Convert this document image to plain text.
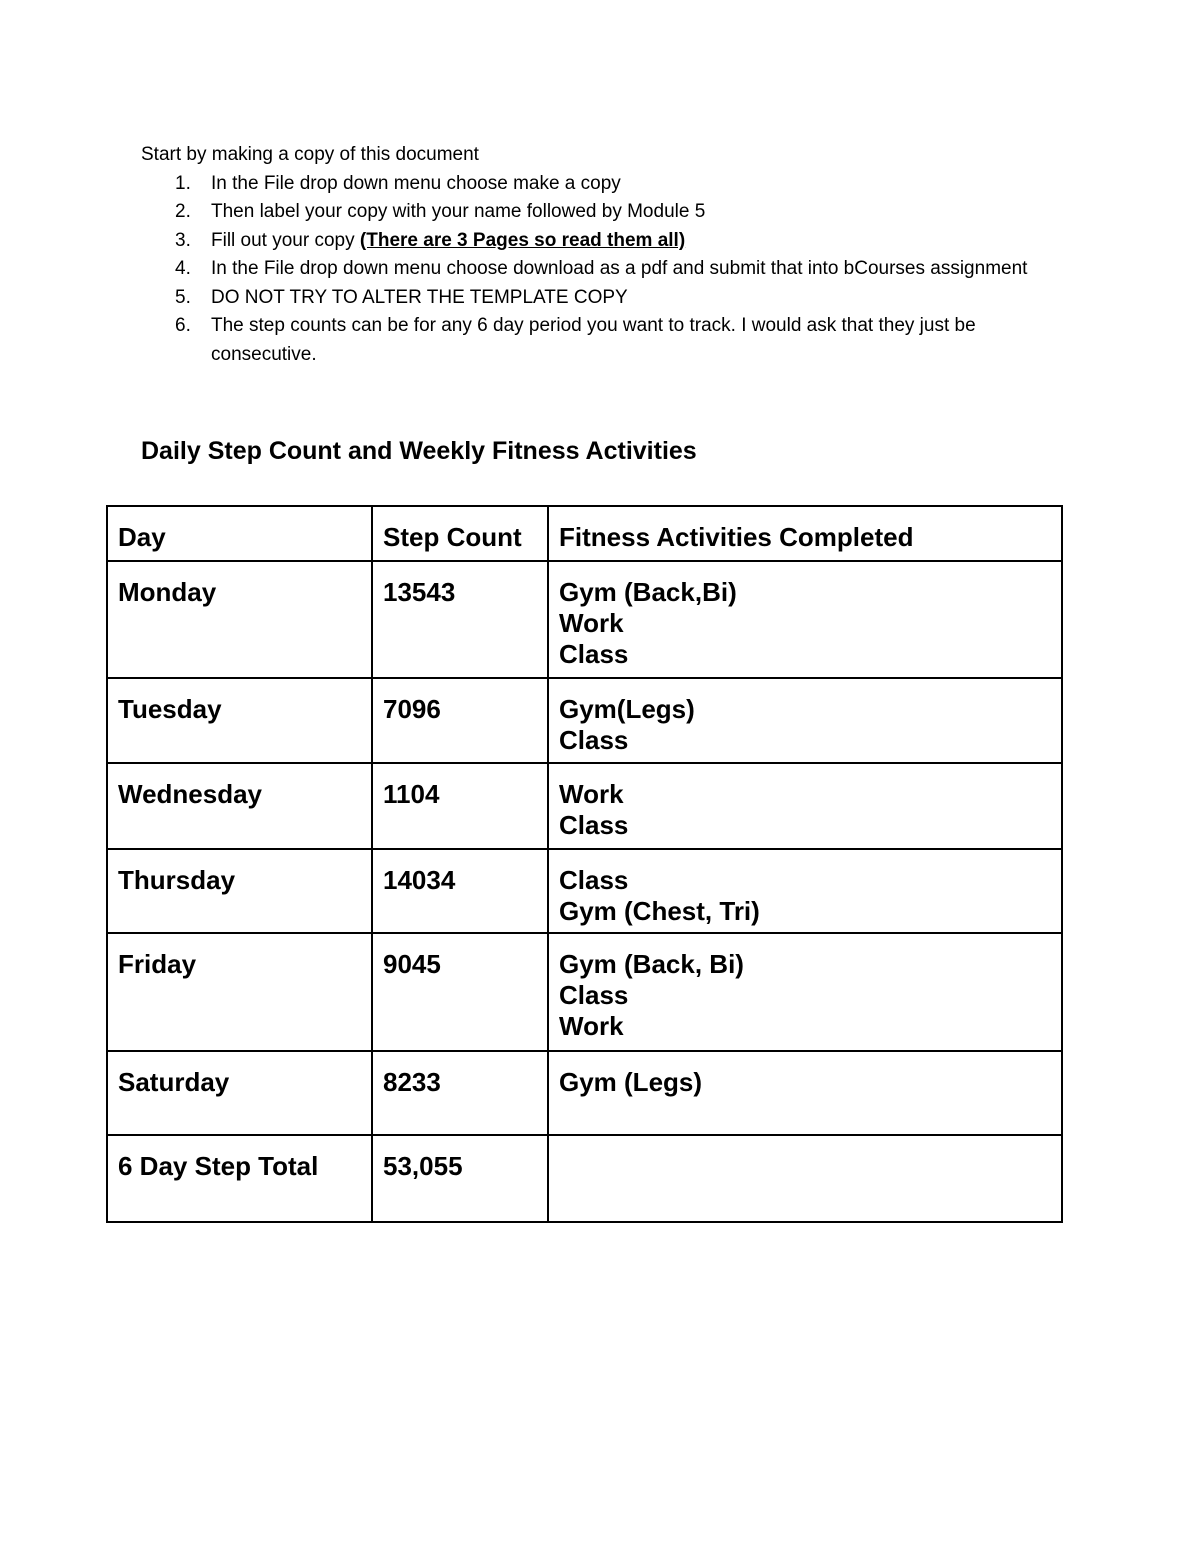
Start by making a copy of this document

1. In the File drop down menu choose make a copy
2. Then label your copy with your name followed by Module 5
3. Fill out your copy (There are 3 Pages so read them all)
4. In the File drop down menu choose download as a pdf and submit that into bCourses assignment
5. DO NOT TRY TO ALTER THE TEMPLATE COPY
6. The step counts can be for any 6 day period you want to track. I would ask that they just be consecutive.
Daily Step Count and Weekly Fitness Activities
Day	Step Count	Fitness Activities Completed
Monday	13543	Gym (Back,Bi)
Work
Class

Tuesday	7096	Gym(Legs)
Class

Wednesday	1104	Work
Class

Thursday	14034	Class
Gym (Chest, Tri)

Friday	9045	Gym (Back, Bi)
Class
Work

Saturday	8233	Gym (Legs)

6 Day Step Total	53,055	
